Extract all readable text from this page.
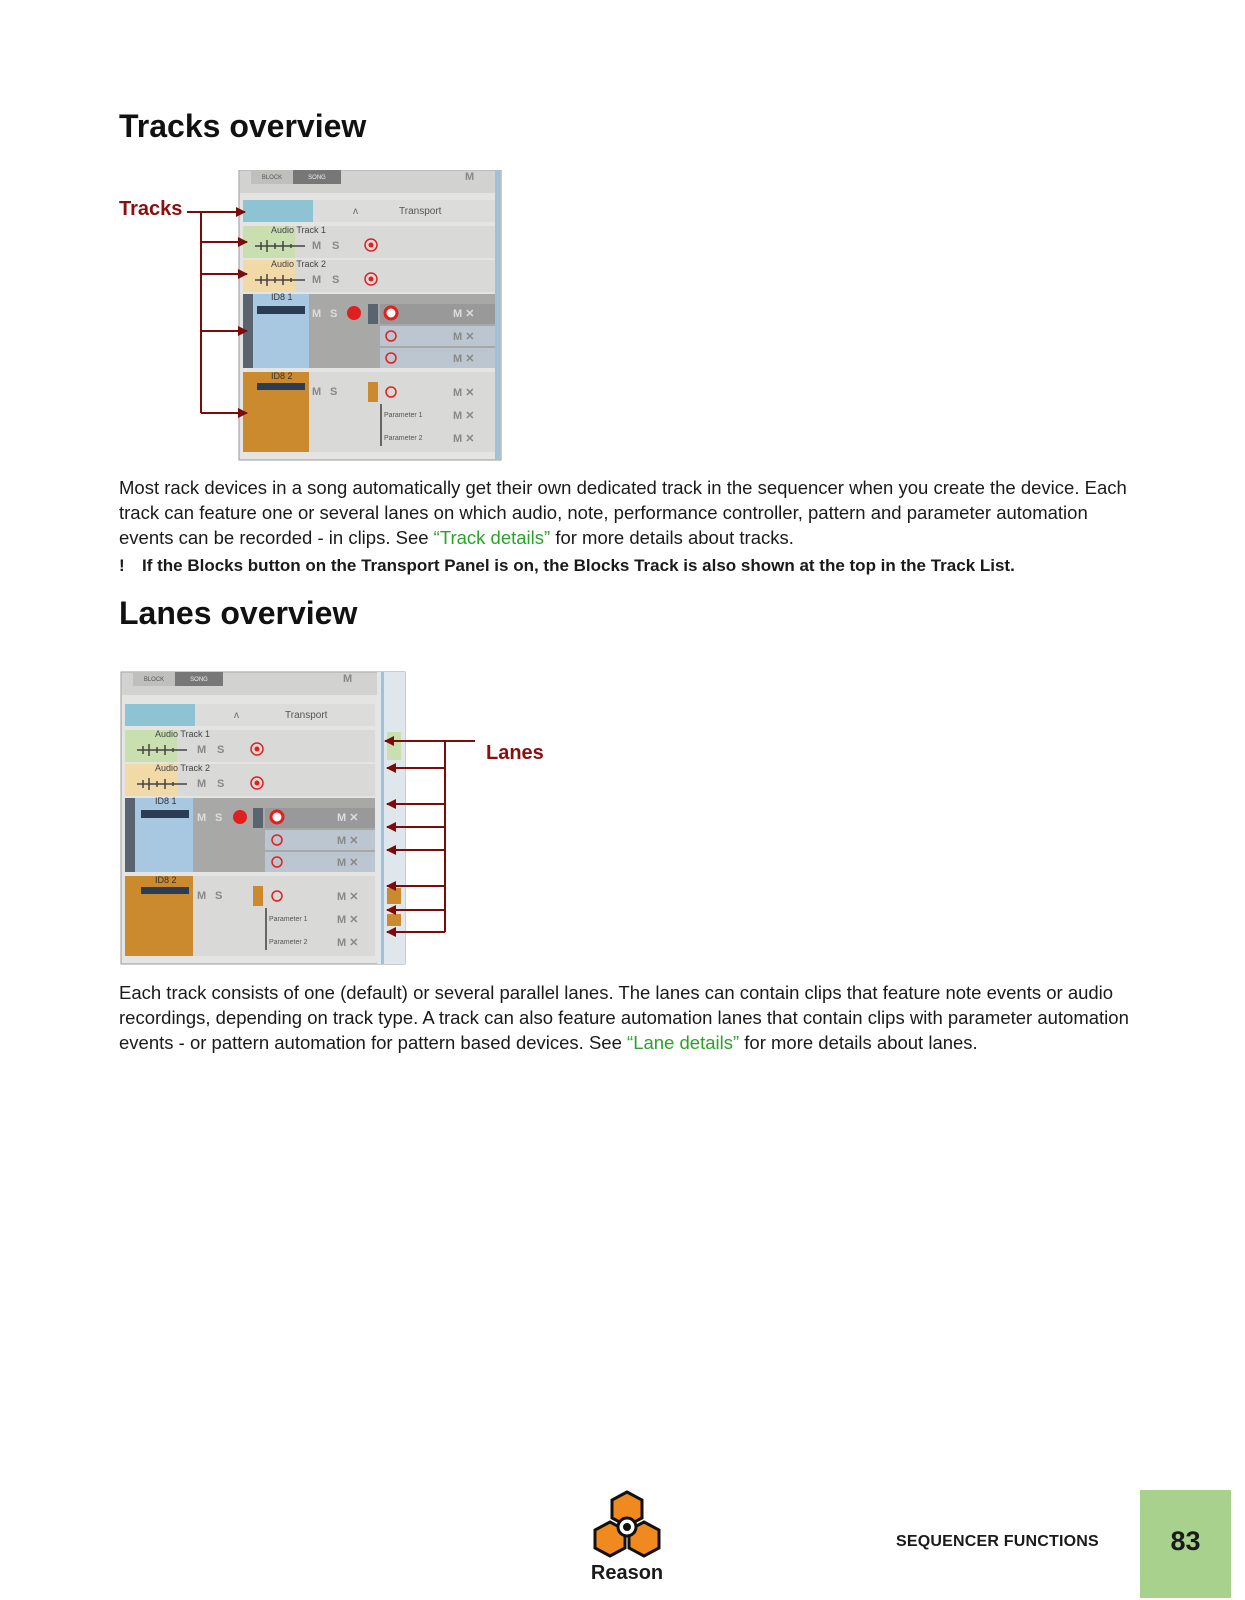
Tracks overview
Tracks
BLOCK	SONG	M
ᴧ	Transport
Audio Track 1
M S
Audio Track 2
M S
ID8 1
M S	M ✕
M ✕
M ✕
ID8 2
M S	M ✕
Parameter 1	M ✕
Parameter 2	M ✕

Most rack devices in a song automatically get their own dedicated track in the sequencer when you create the device. Each track can feature one or several lanes on which audio, note, performance controller, pattern and parameter automation events can be recorded - in clips. See “Track details” for more details about tracks.

! If the Blocks button on the Transport Panel is on, the Blocks Track is also shown at the top in the Track List.
Lanes overview
BLOCK	SONG	M
ᴧ	Transport
Audio Track 1
M S
Audio Track 2
M S
ID8 1
M S	M ✕
M ✕
M ✕
ID8 2
M S	M ✕
Parameter 1	M ✕
Parameter 2	M ✕
Lanes

Each track consists of one (default) or several parallel lanes. The lanes can contain clips that feature note events or audio recordings, depending on track type. A track can also feature automation lanes that contain clips with parameter automation events - or pattern automation for pattern based devices. See “Lane details” for more details about lanes.

Reason
SEQUENCER FUNCTIONS	83
